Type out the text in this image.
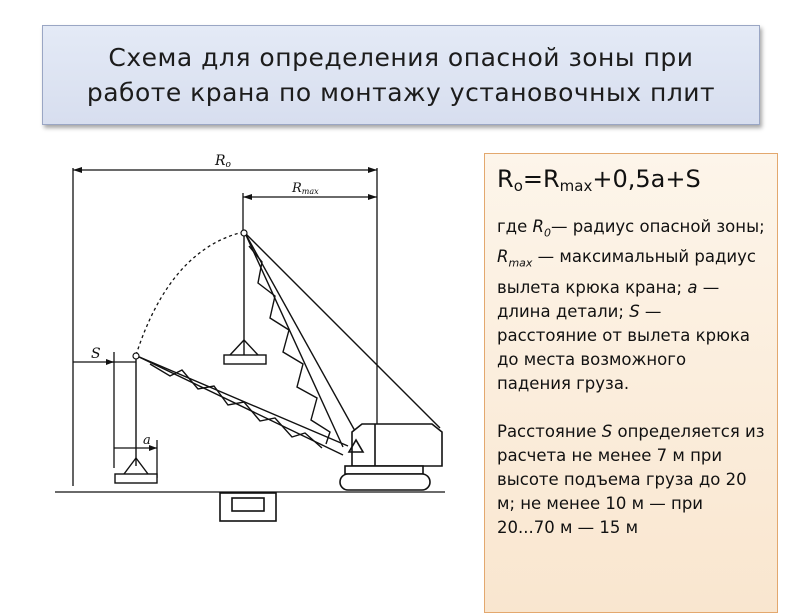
Схема для определения опасной зоны при
работе крана по монтажу установочных плит
Ro
Rmax
S
a

$R_o=R_{max}+0,5a+S$

где $R_0—$ радиус опасной зоны; $R_{max}$ — максимальный радиус вылета крюка крана; a — длина детали; S — расстояние от вылета крюка до места возможного падения груза.

Расстояние S определяется из расчета не менее 7 м при высоте подъема груза до 20 м; не менее 10 м — при
20...70 м — 15 м
